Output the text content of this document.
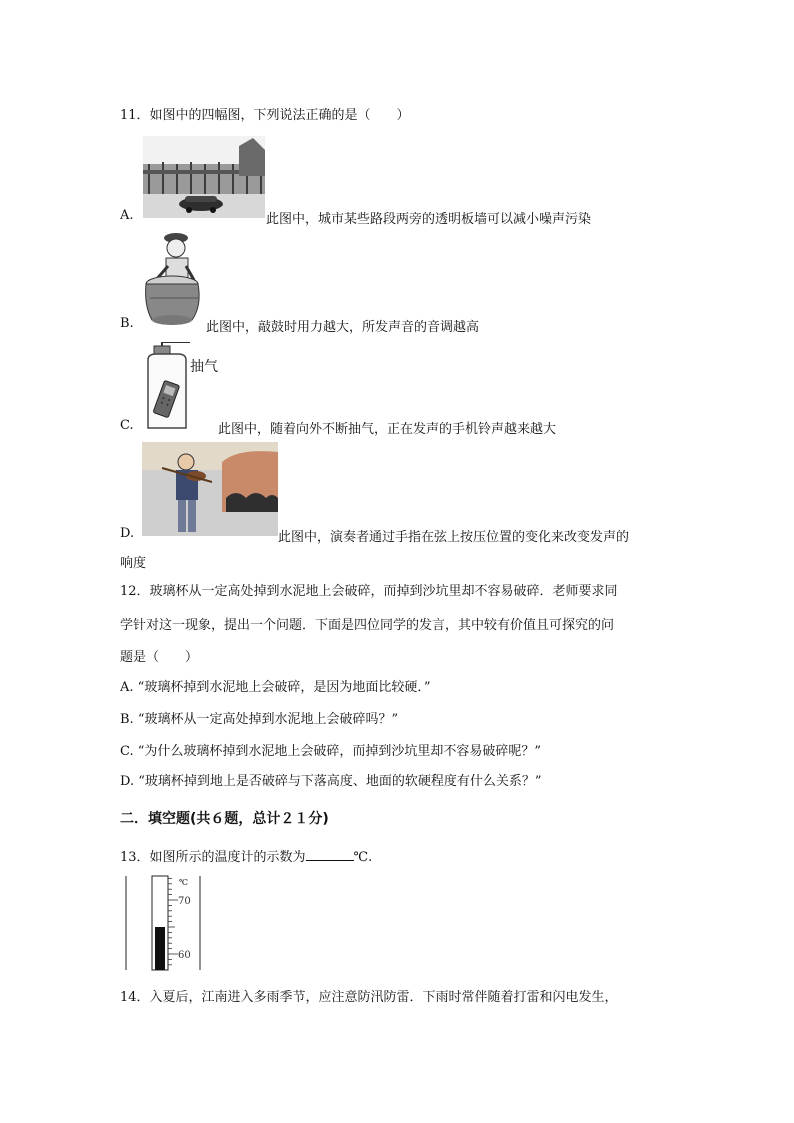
11．如图中的四幅图，下列说法正确的是（　　）
A.	此图中，城市某些路段两旁的透明板墙可以减小噪声污染
B.	此图中，敲鼓时用力越大，所发声音的音调越高
抽气
C.	此图中，随着向外不断抽气，正在发声的手机铃声越来越大
D.	此图中，演奏者通过手指在弦上按压位置的变化来改变发声的
响度
12．玻璃杯从一定高处掉到水泥地上会破碎，而掉到沙坑里却不容易破碎．老师要求同
学针对这一现象，提出一个问题．下面是四位同学的发言，其中较有价值且可探究的问
题是（　　）
A. “玻璃杯掉到水泥地上会破碎，是因为地面比较硬．”
B. “玻璃杯从一定高处掉到水泥地上会破碎吗？”
C. “为什么玻璃杯掉到水泥地上会破碎，而掉到沙坑里却不容易破碎呢？”
D. “玻璃杯掉到地上是否破碎与下落高度、地面的软硬程度有什么关系？”
二．填空题(共６题，总计２１分)
13．如图所示的温度计的示数为	℃.
℃
70
60
14．入夏后，江南进入多雨季节，应注意防汛防雷．下雨时常伴随着打雷和闪电发生，
